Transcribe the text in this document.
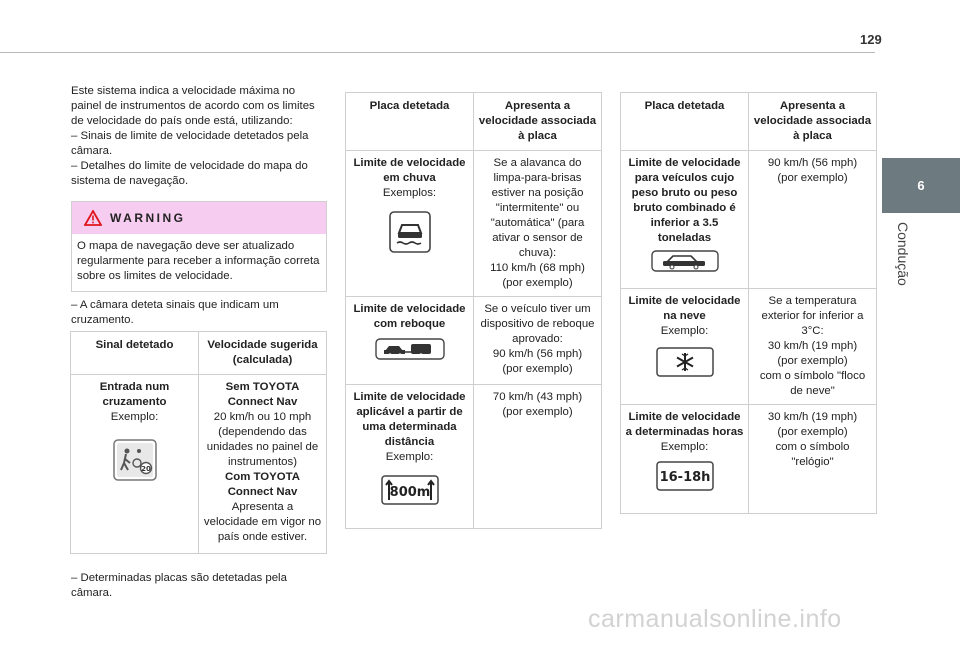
129
6
Condução

Este sistema indica a velocidade máxima no

painel de instrumentos de acordo com os limites

de velocidade do país onde está, utilizando:

– Sinais de limite de velocidade detetados pela

câmara.

– Detalhes do limite de velocidade do mapa do

sistema de navegação.

WARNING
O mapa de navegação deve ser atualizado regularmente para receber a informação correta sobre os limites de velocidade.
– A câmara deteta sinais que indicam um
cruzamento.
Sinal detetado	Velocidade sugerida (calculada)

Entrada num cruzamento
Exemplo:

20	Sem TOYOTA Connect Nav
20 km/h ou 10 mph (dependendo das unidades no painel de instrumentos)
Com TOYOTA Connect Nav
Apresenta a velocidade em vigor no país onde estiver.
– Determinadas placas são detetadas pela
câmara.
Placa detetada	Apresenta a velocidade associada à placa

Limite de velocidade em chuva
Exemplos:	Se a alavanca do limpa-para-brisas estiver na posição "intermitente" ou "automática" (para ativar o sensor de chuva):
110 km/h (68 mph)
(por exemplo)

Limite de velocidade com reboque	Se o veículo tiver um dispositivo de reboque aprovado:
90 km/h (56 mph)
(por exemplo)

Limite de velocidade aplicável a partir de uma determinada distância
Exemplo:

800m	70 km/h (43 mph)
(por exemplo)
Placa detetada	Apresenta a velocidade associada à placa

Limite de velocidade para veículos cujo peso bruto ou peso bruto combinado é inferior a 3.5 toneladas	90 km/h (56 mph)
(por exemplo)

Limite de velocidade na neve
Exemplo:	Se a temperatura exterior for inferior a 3°C:
30 km/h (19 mph)
(por exemplo)
com o símbolo "floco de neve"

Limite de velocidade a determinadas horas
Exemplo:

16-18h	30 km/h (19 mph)
(por exemplo)
com o símbolo
"relógio"
carmanualsonline.info
